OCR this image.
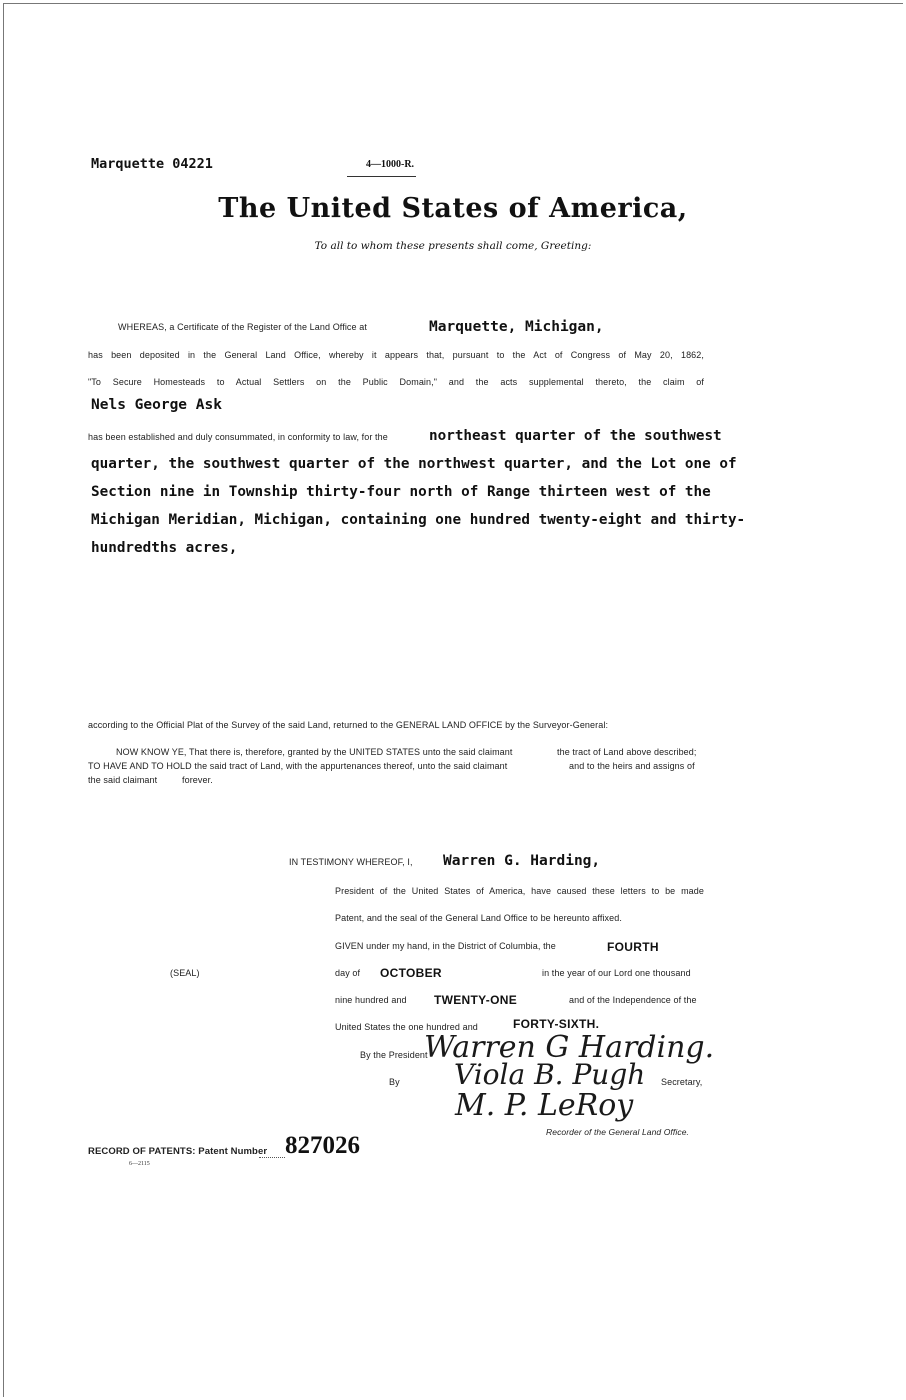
Marquette 04221	4—1000-R.
The United States of America,
To all to whom these presents shall come, Greeting:
WHEREAS, a Certificate of the Register of the Land Office at	Marquette, Michigan,
has been deposited in the General Land Office, whereby it appears that, pursuant to the Act of Congress of May 20, 1862,
"To Secure Homesteads to Actual Settlers on the Public Domain," and the acts supplemental thereto, the claim of
Nels George Ask
has been established and duly consummated, in conformity to law, for the	northeast quarter of the southwest
quarter, the southwest quarter of the northwest quarter, and the Lot one of
Section nine in Township thirty-four north of Range thirteen west of the
Michigan Meridian, Michigan, containing one hundred twenty-eight and thirty-
hundredths acres,
according to the Official Plat of the Survey of the said Land, returned to the GENERAL LAND OFFICE by the Surveyor-General:
NOW KNOW YE, That there is, therefore, granted by the UNITED STATES unto the said claimant	the tract of Land above described;
TO HAVE AND TO HOLD the said tract of Land, with the appurtenances thereof, unto the said claimant	and to the heirs and assigns of
the said claimant	forever.
IN TESTIMONY WHEREOF, I, Warren G. Harding,
President of the United States of America, have caused these letters to be made
Patent, and the seal of the General Land Office to be hereunto affixed.
GIVEN under my hand, in the District of Columbia, the	FOURTH
(SEAL)	day of OCTOBER	in the year of our Lord one thousand
nine hundred and TWENTY-ONE	and of the Independence of the
United States the one hundred and	FORTY-SIXTH.
By the President
Warren G Harding.
By Viola B. Pugh Secretary,
M. P. LeRoy
Recorder of the General Land Office.
RECORD OF PATENTS: Patent Number 827026
6—2115
